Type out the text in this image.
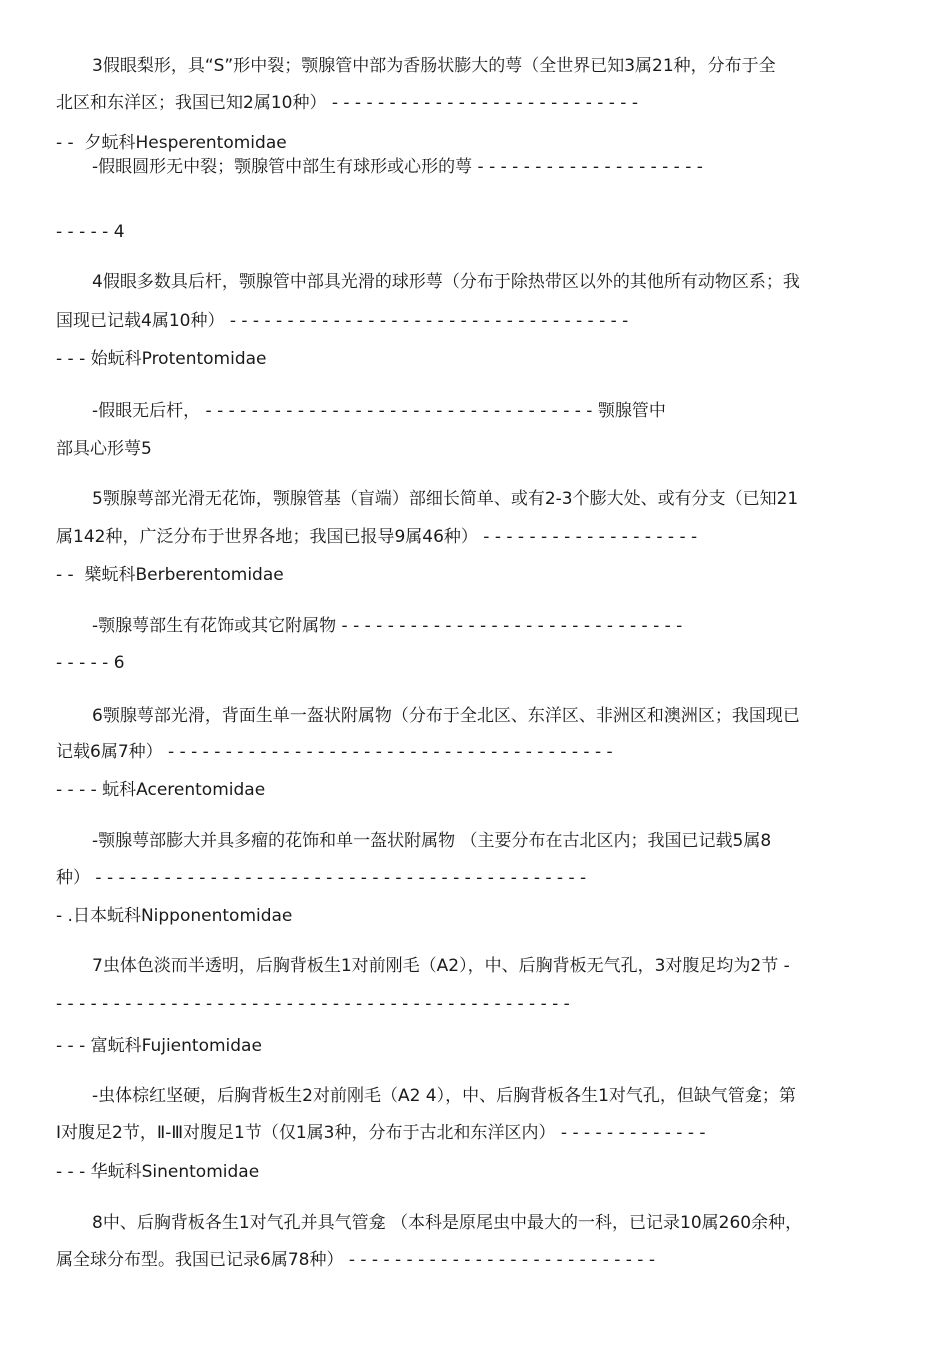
3假眼梨形，具“S”形中裂；颚腺管中部为香肠状膨大的萼（全世界已知3属21种，分布于全
北区和东洋区；我国已知2属10种） - - - - - - - - - - - - - - - - - - - - - - - - - - -
- -  夕蚖科Hesperentomidae
-假眼圆形无中裂；颚腺管中部生有球形或心形的萼 - - - - - - - - - - - - - - - - - - - -
- - - - - 4
4假眼多数具后杆，颚腺管中部具光滑的球形萼（分布于除热带区以外的其他所有动物区系；我
国现已记载4属10种） - - - - - - - - - - - - - - - - - - - - - - - - - - - - - - - - - - -
- - - 始蚖科Protentomidae
-假眼无后杆， - - - - - - - - - - - - - - - - - - - - - - - - - - - - - - - - - - 颚腺管中
部具心形萼5
5颚腺萼部光滑无花饰，颚腺管基（盲端）部细长简单、或有2-3个膨大处、或有分支（已知21
属142种，广泛分布于世界各地；我国已报导9属46种） - - - - - - - - - - - - - - - - - - -
- -  檗蚖科Berberentomidae
-颚腺萼部生有花饰或其它附属物 - - - - - - - - - - - - - - - - - - - - - - - - - - - - - -
- - - - - 6
6颚腺萼部光滑，背面生单一盔状附属物（分布于全北区、东洋区、非洲区和澳洲区；我国现已
记载6属7种） - - - - - - - - - - - - - - - - - - - - - - - - - - - - - - - - - - - - - - -
- - - - 蚖科Acerentomidae
-颚腺萼部膨大并具多瘤的花饰和单一盔状附属物 （主要分布在古北区内；我国已记载5属8
种） - - - - - - - - - - - - - - - - - - - - - - - - - - - - - - - - - - - - - - - - - - -
- .日本蚖科Nipponentomidae
7虫体色淡而半透明，后胸背板生1对前刚毛（A2），中、后胸背板无气孔，3对腹足均为2节 -
- - - - - - - - - - - - - - - - - - - - - - - - - - - - - - - - - - - - - - - - - - - - -
- - - 富蚖科Fujientomidae
-虫体棕红坚硬，后胸背板生2对前刚毛（A2 4），中、后胸背板各生1对气孔，但缺气管龛；第
Ⅰ对腹足2节，Ⅱ-Ⅲ对腹足1节（仅1属3种，分布于古北和东洋区内） - - - - - - - - - - - - -
- - - 华蚖科Sinentomidae
8中、后胸背板各生1对气孔并具气管龛 （本科是原尾虫中最大的一科，已记录10属260余种，
属全球分布型。我国已记录6属78种） - - - - - - - - - - - - - - - - - - - - - - - - - - -
